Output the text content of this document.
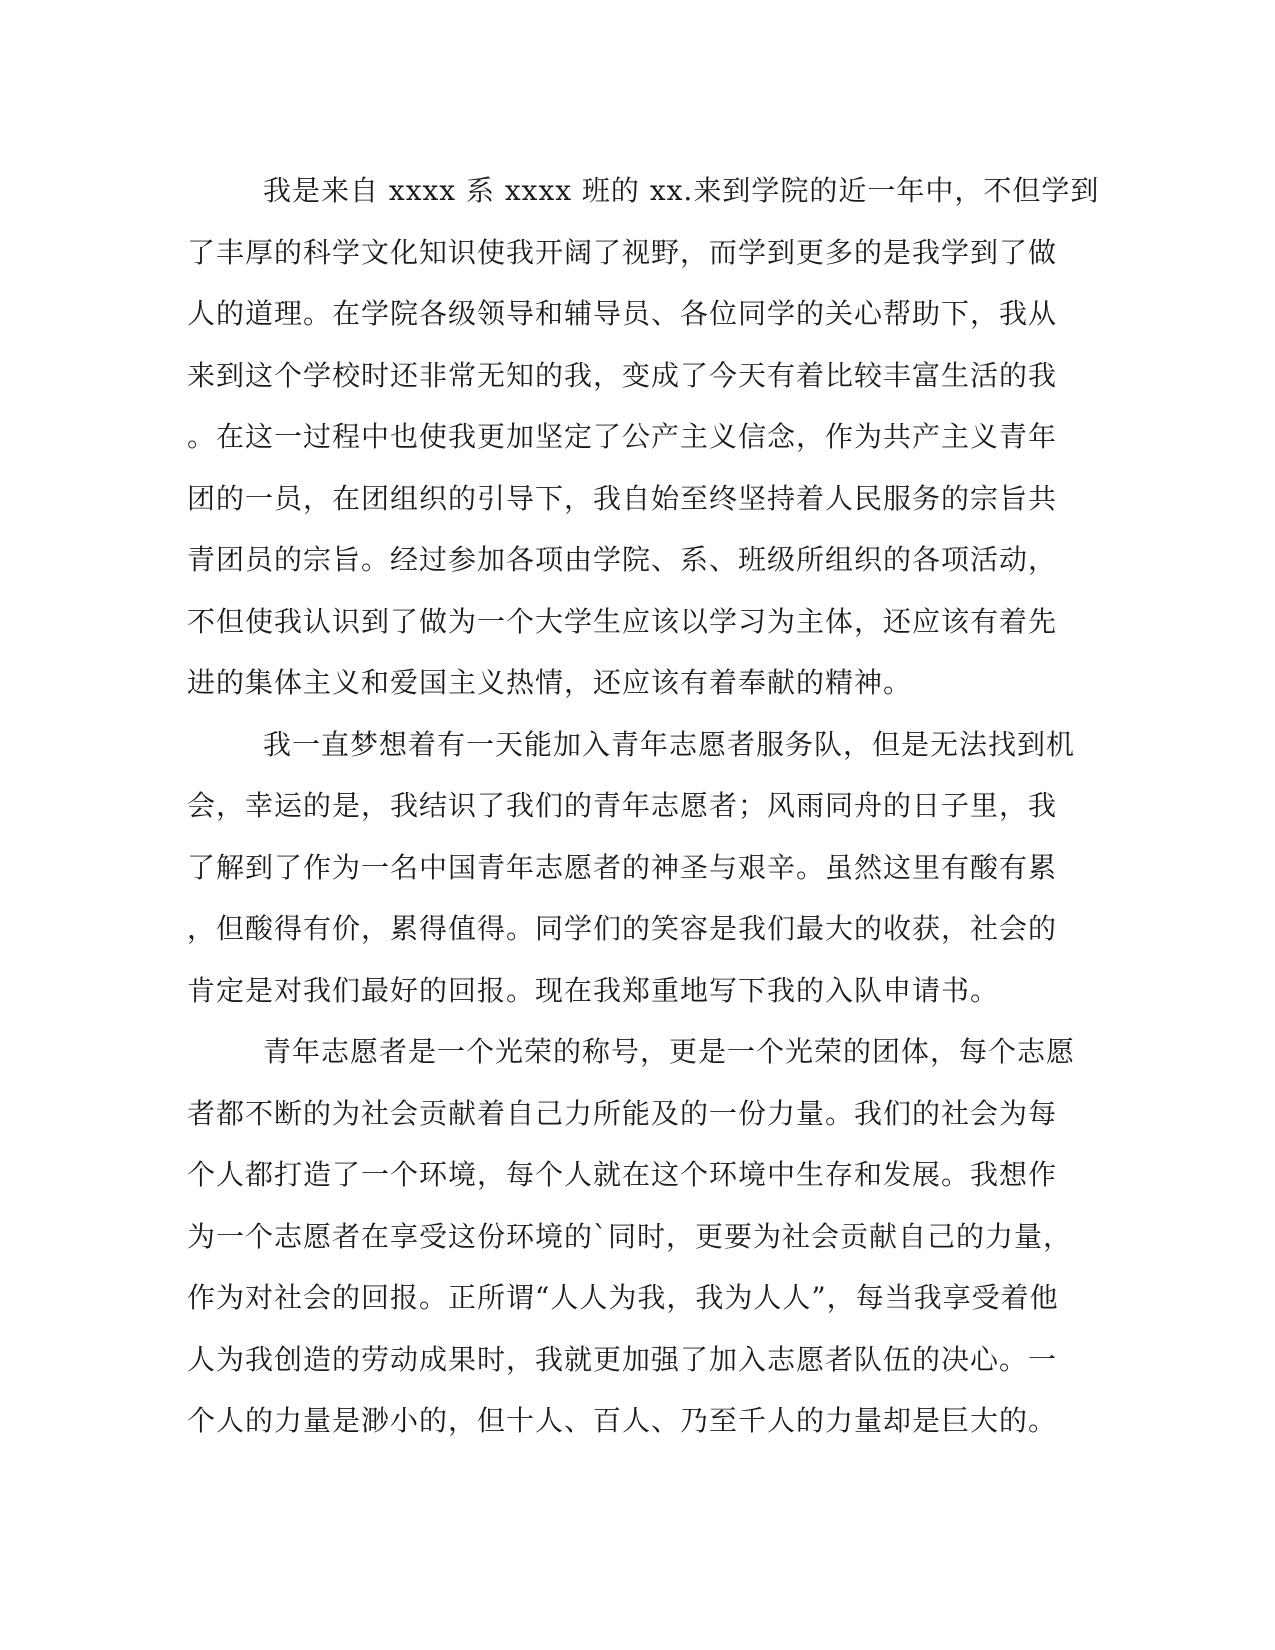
我是来自 xxxx 系 xxxx 班的 xx.来到学院的近一年中，不但学到
了丰厚的科学文化知识使我开阔了视野，而学到更多的是我学到了做
人的道理。在学院各级领导和辅导员、各位同学的关心帮助下，我从
来到这个学校时还非常无知的我，变成了今天有着比较丰富生活的我
。在这一过程中也使我更加坚定了公产主义信念，作为共产主义青年
团的一员，在团组织的引导下，我自始至终坚持着人民服务的宗旨共
青团员的宗旨。经过参加各项由学院、系、班级所组织的各项活动，
不但使我认识到了做为一个大学生应该以学习为主体，还应该有着先
进的集体主义和爱国主义热情，还应该有着奉献的精神。
我一直梦想着有一天能加入青年志愿者服务队，但是无法找到机
会，幸运的是，我结识了我们的青年志愿者；风雨同舟的日子里，我
了解到了作为一名中国青年志愿者的神圣与艰辛。虽然这里有酸有累
，但酸得有价，累得值得。同学们的笑容是我们最大的收获，社会的
肯定是对我们最好的回报。现在我郑重地写下我的入队申请书。
青年志愿者是一个光荣的称号，更是一个光荣的团体，每个志愿
者都不断的为社会贡献着自己力所能及的一份力量。我们的社会为每
个人都打造了一个环境，每个人就在这个环境中生存和发展。我想作
为一个志愿者在享受这份环境的`同时，更要为社会贡献自己的力量，
作为对社会的回报。正所谓“人人为我，我为人人”，每当我享受着他
人为我创造的劳动成果时，我就更加强了加入志愿者队伍的决心。一
个人的力量是渺小的，但十人、百人、乃至千人的力量却是巨大的。
